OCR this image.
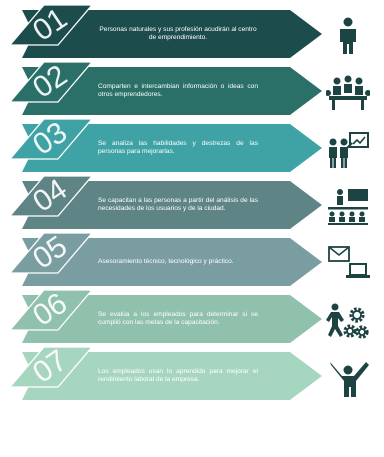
01
02
03
04
05
06
07
Personas naturales y sus profesión acudirán al centro de emprendimiento.
Comparten e intercambian información o ideas con otros emprendedores.
Se analiza las habilidades y destrezas de las personas para mejorarlas.
Se capacitan a las personas a partir del análisis de las necesidades de los usuarios y de la ciudad.
Asesoramiento técnico, tecnológico y práctico.
Se evalúa a los empleados para determinar si se cumplió con las metas de la capacitación.
Los empleados usan lo aprendido para mejorar el rendimiento laboral de la empresa.
